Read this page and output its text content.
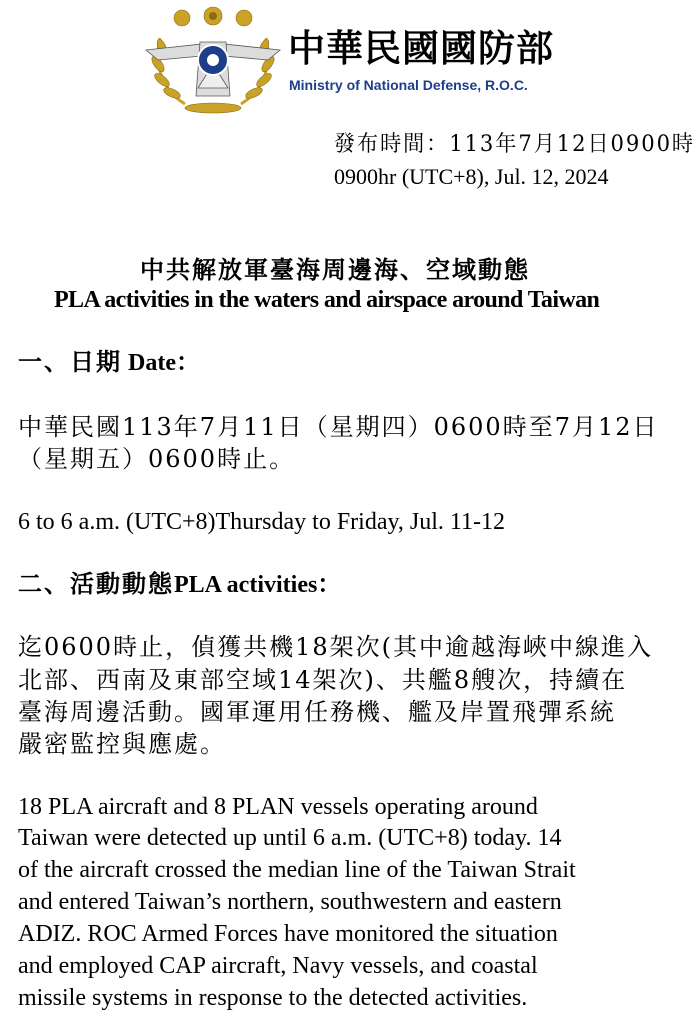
中華民國國防部
Ministry of National Defense, R.O.C.
發布時間：113年7月12日0900時
0900hr (UTC+8), Jul. 12, 2024
中共解放軍臺海周邊海、空域動態
PLA activities in the waters and airspace around Taiwan
一、日期 Date：
中華民國113年7月11日（星期四）0600時至7月12日
（星期五）0600時止。
6 to 6 a.m. (UTC+8)Thursday to Friday, Jul. 11-12
二、活動動態PLA activities：
迄0600時止，偵獲共機18架次(其中逾越海峽中線進入
北部、西南及東部空域14架次)、共艦8艘次，持續在
臺海周邊活動。國軍運用任務機、艦及岸置飛彈系統
嚴密監控與應處。
18 PLA aircraft and 8 PLAN vessels operating around
Taiwan were detected up until 6 a.m. (UTC+8) today. 14
of the aircraft crossed the median line of the Taiwan Strait
and entered Taiwan’s northern, southwestern and eastern
ADIZ. ROC Armed Forces have monitored the situation
and employed CAP aircraft, Navy vessels, and coastal
missile systems in response to the detected activities.
